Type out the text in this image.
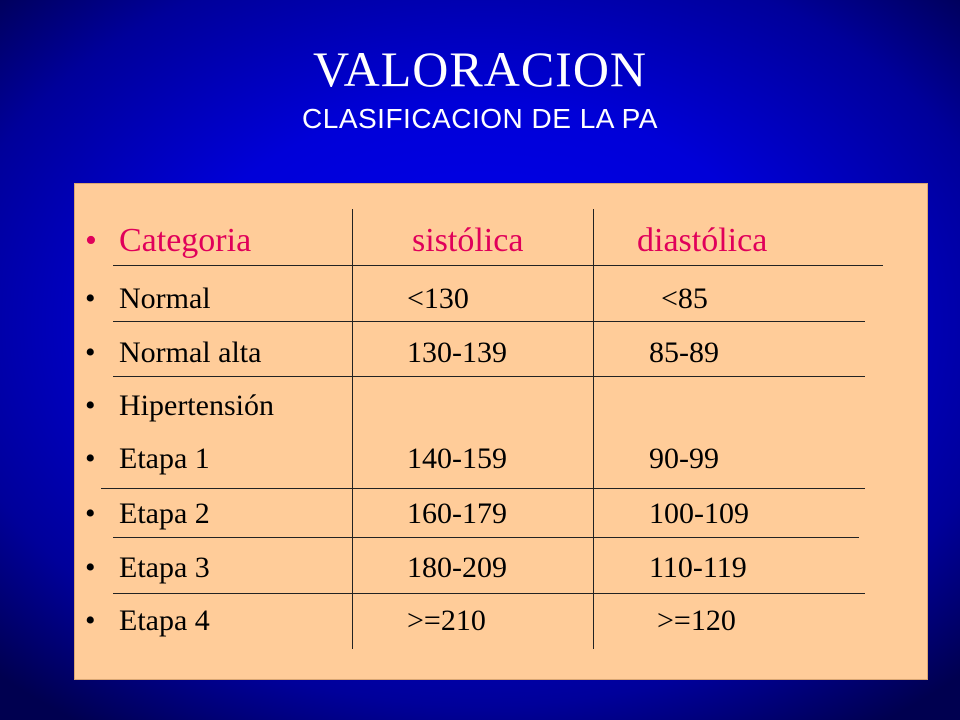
VALORACION
CLASIFICACION DE LA PA
• Categoria	sistólica	diastólica
• Normal	<130	<85
• Normal alta	130-139	85-89
• Hipertensión
• Etapa 1	140-159	90-99
• Etapa 2	160-179	100-109
• Etapa 3	180-209	110-119
• Etapa 4	>=210	>=120
